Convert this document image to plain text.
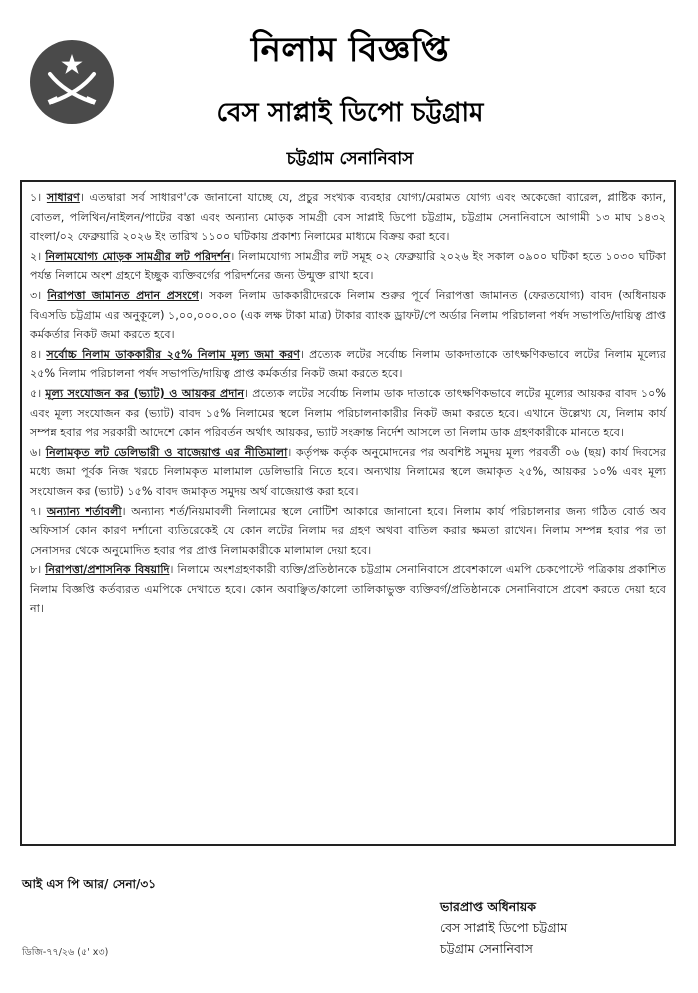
নিলাম বিজ্ঞপ্তি
বেস সাপ্লাই ডিপো চট্টগ্রাম
চট্টগ্রাম সেনানিবাস

১। সাধারণ। এতদ্বারা সর্ব সাধারণ'কে জানানো যাচ্ছে যে, প্রচুর সংখ্যক ব্যবহার যোগ্য/মেরামত যোগ্য এবং অকেজো ব্যারেল, প্লাষ্টিক ক্যান, বোতল, পলিথিন/নাইলন/পাটের বস্তা এবং অন্যান্য মোড়ক সামগ্রী বেস সাপ্লাই ডিপো চট্টগ্রাম, চট্টগ্রাম সেনানিবাসে আগামী ১৩ মাঘ ১৪৩২ বাংলা/০২ ফেব্রুয়ারি ২০২৬ ইং তারিখ ১১০০ ঘটিকায় প্রকাশ্য নিলামের মাধ্যমে বিক্রয় করা হবে।

২। নিলামযোগ্য মোড়ক সামগ্রীর লট পরিদর্শন। নিলামযোগ্য সামগ্রীর লট সমূহ ০২ ফেব্রুয়ারি ২০২৬ ইং সকাল ০৯০০ ঘটিকা হতে ১০৩০ ঘটিকা পর্যন্ত নিলামে অংশ গ্রহণে ইচ্ছুক ব্যক্তিবর্গের পরিদর্শনের জন্য উন্মুক্ত রাখা হবে।

৩। নিরাপত্তা জামানত প্রদান প্রসংগে। সকল নিলাম ডাককারীদেরকে নিলাম শুরুর পূর্বে নিরাপত্তা জামানত (ফেরতযোগ্য) বাবদ (অধিনায়ক বিএসডি চট্টগ্রাম এর অনুকূলে) ১,০০,০০০.০০ (এক লক্ষ টাকা মাত্র) টাকার ব্যাংক ড্রাফট/পে অর্ডার নিলাম পরিচালনা পর্ষদ সভাপতি/দায়িত্ব প্রাপ্ত কর্মকর্তার নিকট জমা করতে হবে।

৪। সর্বোচ্চ নিলাম ডাককারীর ২৫% নিলাম মূল্য জমা করণ। প্রত্যেক লটের সর্বোচ্চ নিলাম ডাকদাতাকে তাৎক্ষণিকভাবে লটের নিলাম মূল্যের ২৫% নিলাম পরিচালনা পর্ষদ সভাপতি/দায়িত্ব প্রাপ্ত কর্মকর্তার নিকট জমা করতে হবে।

৫। মূল্য সংযোজন কর (ভ্যাট) ও আয়কর প্রদান। প্রত্যেক লটের সর্বোচ্চ নিলাম ডাক দাতাকে তাৎক্ষণিকভাবে লটের মূল্যের আয়কর বাবদ ১০% এবং মূল্য সংযোজন কর (ভ্যাট) বাবদ ১৫% নিলামের স্থলে নিলাম পরিচালনাকারীর নিকট জমা করতে হবে। এখানে উল্লেখ্য যে, নিলাম কার্য সম্পন্ন হবার পর সরকারী আদেশে কোন পরিবর্তন অর্থাৎ আয়কর, ভ্যাট সংক্রান্ত নির্দেশ আসলে তা নিলাম ডাক গ্রহণকারীকে মানতে হবে।

৬। নিলামকৃত লট ডেলিভারী ও বাজেয়াপ্ত এর নীতিমালা। কর্তৃপক্ষ কর্তৃক অনুমোদনের পর অবশিষ্ট সমুদয় মূল্য পরবর্তী ০৬ (ছয়) কার্য দিবসের মধ্যে জমা পূর্বক নিজ খরচে নিলামকৃত মালামাল ডেলিভারি নিতে হবে। অন্যথায় নিলামের স্থলে জমাকৃত ২৫%, আয়কর ১০% এবং মূল্য সংযোজন কর (ভ্যাট) ১৫% বাবদ জমাকৃত সমুদয় অর্থ বাজেয়াপ্ত করা হবে।

৭। অন্যান্য শর্তাবলী। অন্যান্য শর্ত/নিয়মাবলী নিলামের স্থলে নোটিশ আকারে জানানো হবে। নিলাম কার্য পরিচালনার জন্য গঠিত বোর্ড অব অফিসার্স কোন কারণ দর্শানো ব্যতিরেকেই যে কোন লটের নিলাম দর গ্রহণ অথবা বাতিল করার ক্ষমতা রাখেন। নিলাম সম্পন্ন হবার পর তা সেনাসদর থেকে অনুমোদিত হবার পর প্রাপ্ত নিলামকারীকে মালামাল দেয়া হবে।

৮। নিরাপত্তা/প্রশাসনিক বিষয়াদি। নিলামে অংশগ্রহণকারী ব্যক্তি/প্রতিষ্ঠানকে চট্টগ্রাম সেনানিবাসে প্রবেশকালে এমপি চেকপোস্টে পত্রিকায় প্রকাশিত নিলাম বিজ্ঞপ্তি কর্তব্যরত এমপিকে দেখাতে হবে। কোন অবাঞ্ছিত/কালো তালিকাভুক্ত ব্যক্তিবর্গ/প্রতিষ্ঠানকে সেনানিবাসে প্রবেশ করতে দেয়া হবে না।

আই এস পি আর/ সেনা/৩১
ভারপ্রাপ্ত অধিনায়ক
বেস সাপ্লাই ডিপো চট্টগ্রাম
চট্টগ্রাম সেনানিবাস
ডিজি-৭৭/২৬ (৫' x৩)
